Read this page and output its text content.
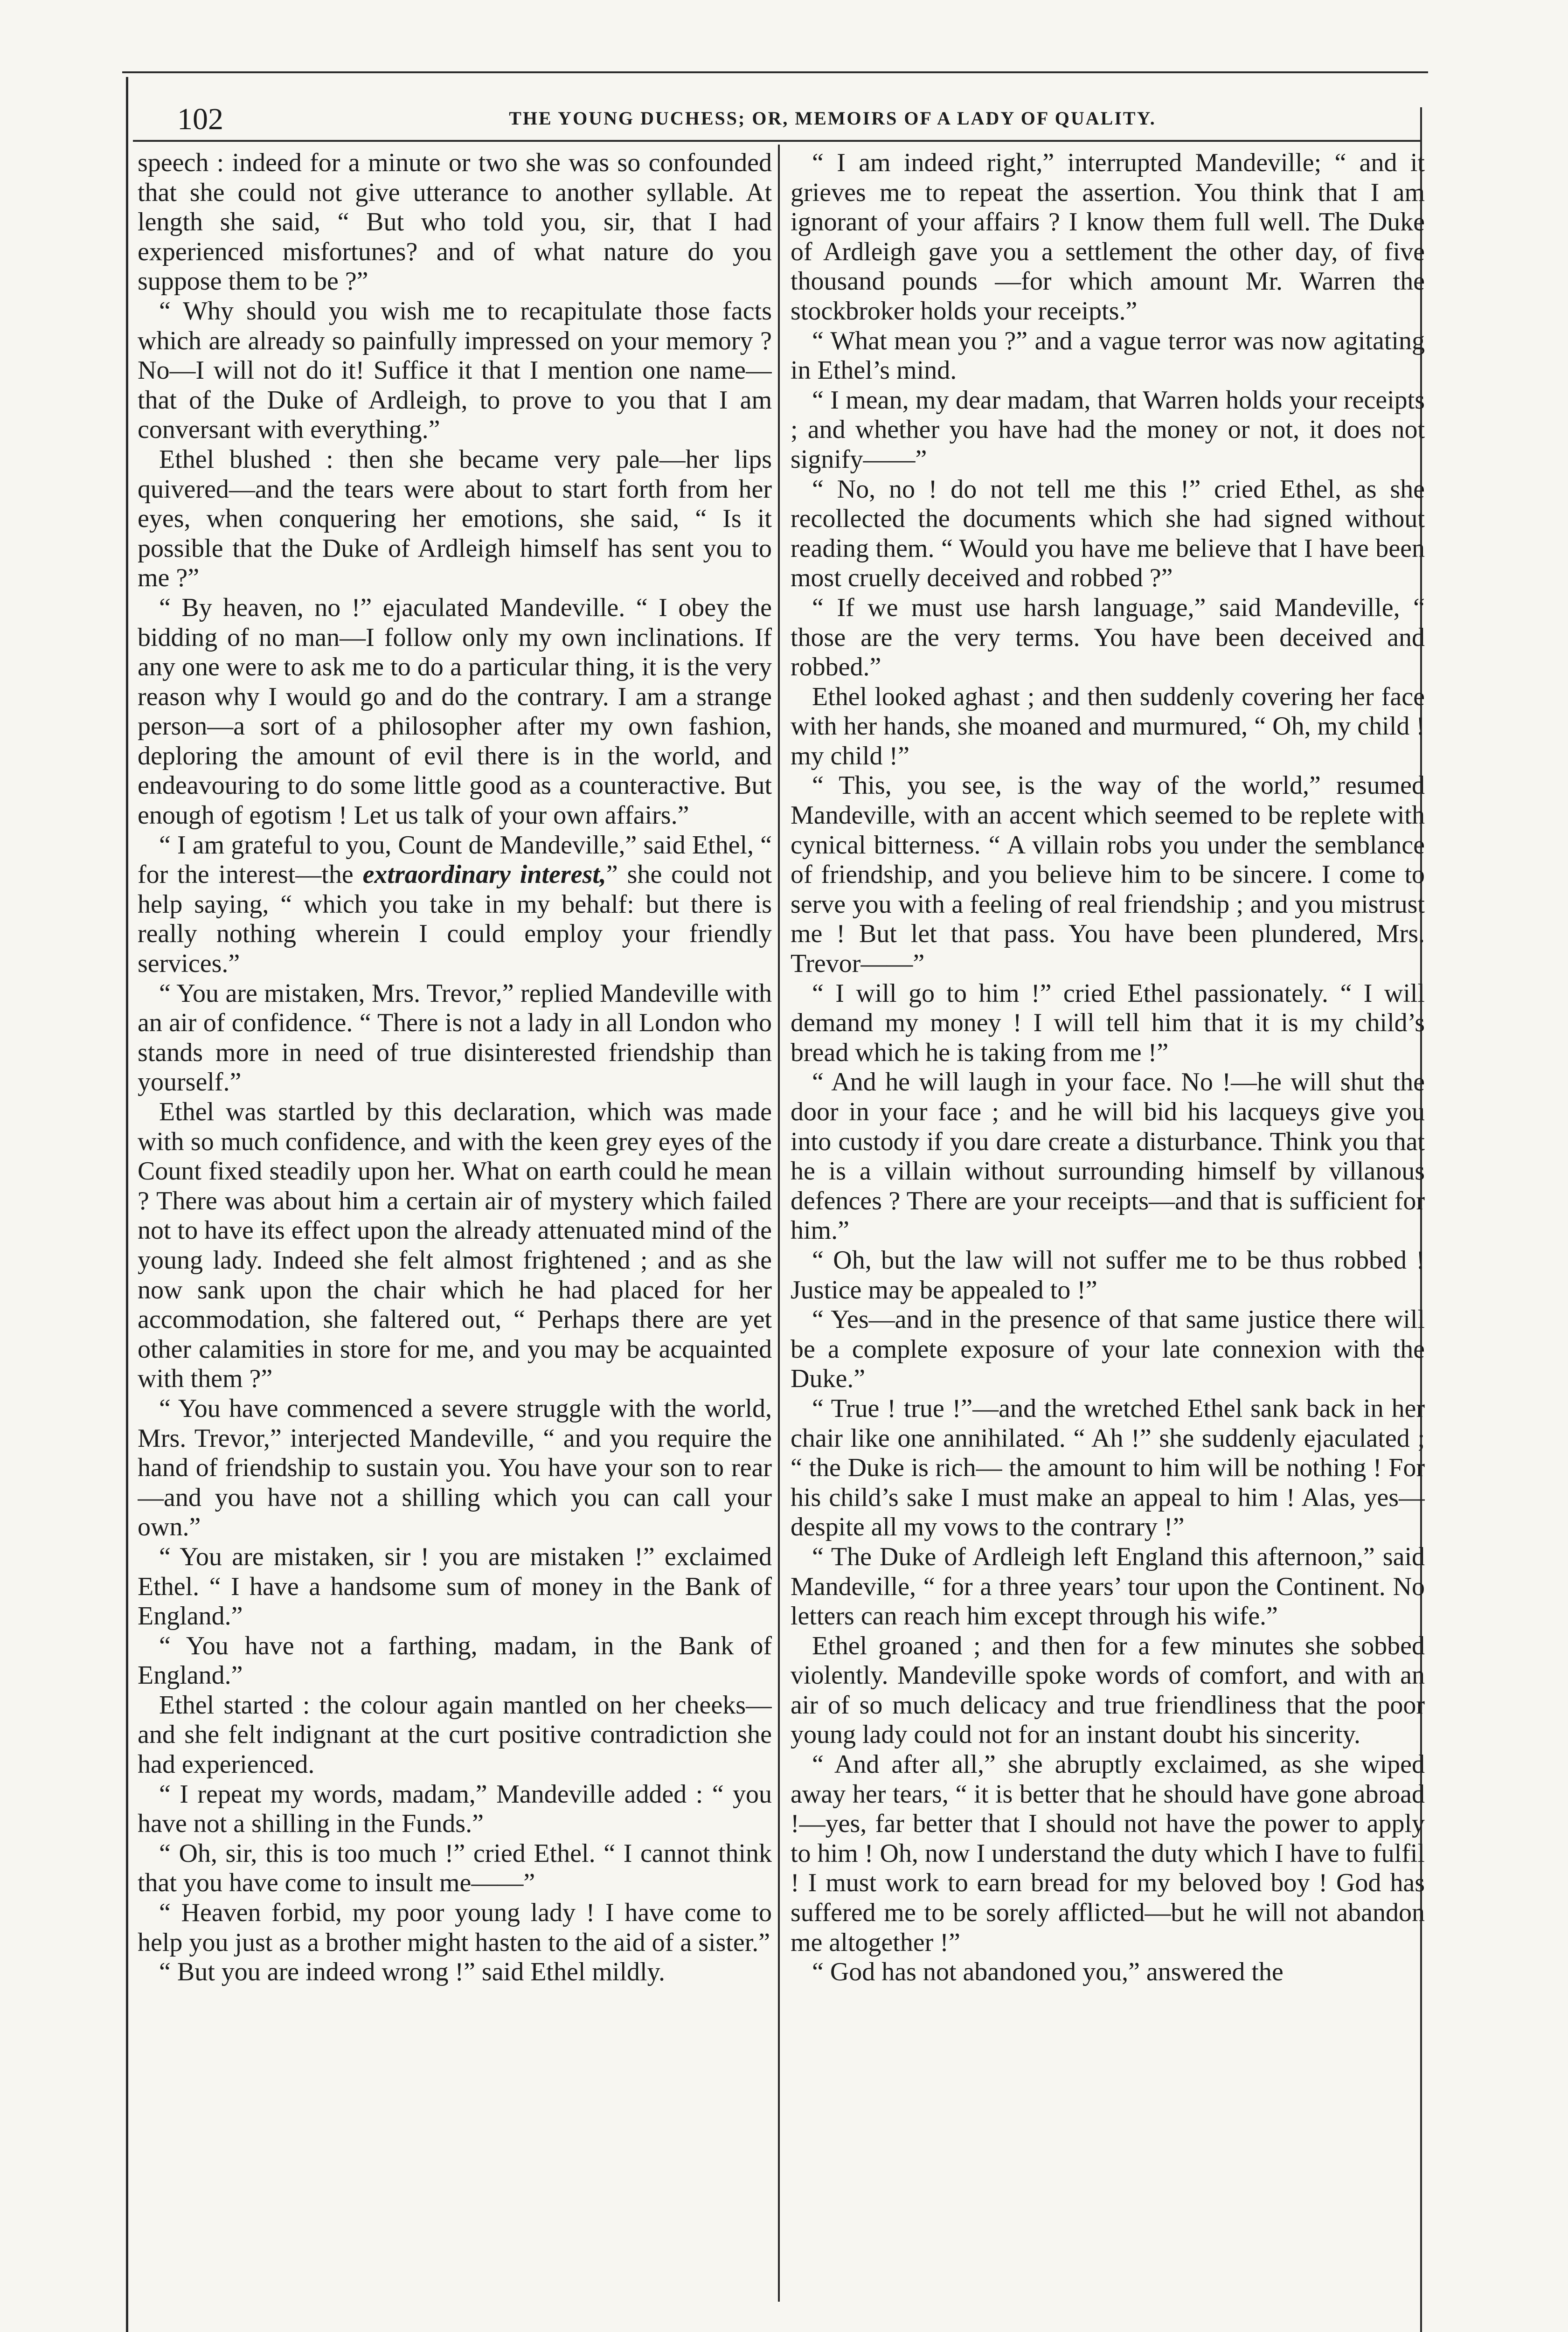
102	THE YOUNG DUCHESS; OR, MEMOIRS OF A LADY OF QUALITY.

speech : indeed for a minute or two she was so confounded that she could not give utterance to another syllable. At length she said, “ But who told you, sir, that I had experienced misfortunes? and of what nature do you suppose them to be ?”

“ Why should you wish me to recapitulate those facts which are already so painfully impressed on your memory ? No—I will not do it! Suffice it that I mention one name—that of the Duke of Ardleigh, to prove to you that I am conversant with everything.”

Ethel blushed : then she became very pale—her lips quivered—and the tears were about to start forth from her eyes, when conquering her emotions, she said, “ Is it possible that the Duke of Ardleigh himself has sent you to me ?”

“ By heaven, no !” ejaculated Mandeville. “ I obey the bidding of no man—I follow only my own inclinations. If any one were to ask me to do a particular thing, it is the very reason why I would go and do the contrary. I am a strange person—a sort of a philosopher after my own fashion, deploring the amount of evil there is in the world, and endeavouring to do some little good as a counteractive. But enough of egotism ! Let us talk of your own affairs.”

“ I am grateful to you, Count de Mandeville,” said Ethel, “ for the interest—the extraordinary interest,” she could not help saying, “ which you take in my behalf: but there is really nothing wherein I could employ your friendly services.”

“ You are mistaken, Mrs. Trevor,” replied Mandeville with an air of confidence. “ There is not a lady in all London who stands more in need of true disinterested friendship than yourself.”

Ethel was startled by this declaration, which was made with so much confidence, and with the keen grey eyes of the Count fixed steadily upon her. What on earth could he mean ? There was about him a certain air of mystery which failed not to have its effect upon the already attenuated mind of the young lady. Indeed she felt almost frightened ; and as she now sank upon the chair which he had placed for her accommodation, she faltered out, “ Perhaps there are yet other calamities in store for me, and you may be acquainted with them ?”

“ You have commenced a severe struggle with the world, Mrs. Trevor,” interjected Mandeville, “ and you require the hand of friendship to sustain you. You have your son to rear—and you have not a shilling which you can call your own.”

“ You are mistaken, sir ! you are mistaken !” exclaimed Ethel. “ I have a handsome sum of money in the Bank of England.”

“ You have not a farthing, madam, in the Bank of England.”

Ethel started : the colour again mantled on her cheeks—and she felt indignant at the curt positive contradiction she had experienced.

“ I repeat my words, madam,” Mandeville added : “ you have not a shilling in the Funds.”

“ Oh, sir, this is too much !” cried Ethel. “ I cannot think that you have come to insult me——”

“ Heaven forbid, my poor young lady ! I have come to help you just as a brother might hasten to the aid of a sister.”

“ But you are indeed wrong !” said Ethel mildly.

“ I am indeed right,” interrupted Mandeville; “ and it grieves me to repeat the assertion. You think that I am ignorant of your affairs ? I know them full well. The Duke of Ardleigh gave you a settlement the other day, of five thousand pounds —for which amount Mr. Warren the stockbroker holds your receipts.”

“ What mean you ?” and a vague terror was now agitating in Ethel’s mind.

“ I mean, my dear madam, that Warren holds your receipts ; and whether you have had the money or not, it does not signify——”

“ No, no ! do not tell me this !” cried Ethel, as she recollected the documents which she had signed without reading them. “ Would you have me believe that I have been most cruelly deceived and robbed ?”

“ If we must use harsh language,” said Mandeville, “ those are the very terms. You have been deceived and robbed.”

Ethel looked aghast ; and then suddenly covering her face with her hands, she moaned and murmured, “ Oh, my child ! my child !”

“ This, you see, is the way of the world,” resumed Mandeville, with an accent which seemed to be replete with cynical bitterness. “ A villain robs you under the semblance of friendship, and you believe him to be sincere. I come to serve you with a feeling of real friendship ; and you mistrust me ! But let that pass. You have been plundered, Mrs. Trevor——”

“ I will go to him !” cried Ethel passionately. “ I will demand my money ! I will tell him that it is my child’s bread which he is taking from me !”

“ And he will laugh in your face. No !—he will shut the door in your face ; and he will bid his lacqueys give you into custody if you dare create a disturbance. Think you that he is a villain without surrounding himself by villanous defences ? There are your receipts—and that is sufficient for him.”

“ Oh, but the law will not suffer me to be thus robbed ! Justice may be appealed to !”

“ Yes—and in the presence of that same justice there will be a complete exposure of your late connexion with the Duke.”

“ True ! true !”—and the wretched Ethel sank back in her chair like one annihilated. “ Ah !” she suddenly ejaculated ; “ the Duke is rich— the amount to him will be nothing ! For his child’s sake I must make an appeal to him ! Alas, yes—despite all my vows to the contrary !”

“ The Duke of Ardleigh left England this afternoon,” said Mandeville, “ for a three years’ tour upon the Continent. No letters can reach him except through his wife.”

Ethel groaned ; and then for a few minutes she sobbed violently. Mandeville spoke words of comfort, and with an air of so much delicacy and true friendliness that the poor young lady could not for an instant doubt his sincerity.

“ And after all,” she abruptly exclaimed, as she wiped away her tears, “ it is better that he should have gone abroad !—yes, far better that I should not have the power to apply to him ! Oh, now I understand the duty which I have to fulfil ! I must work to earn bread for my beloved boy ! God has suffered me to be sorely afflicted—but he will not abandon me altogether !”

“ God has not abandoned you,” answered the
